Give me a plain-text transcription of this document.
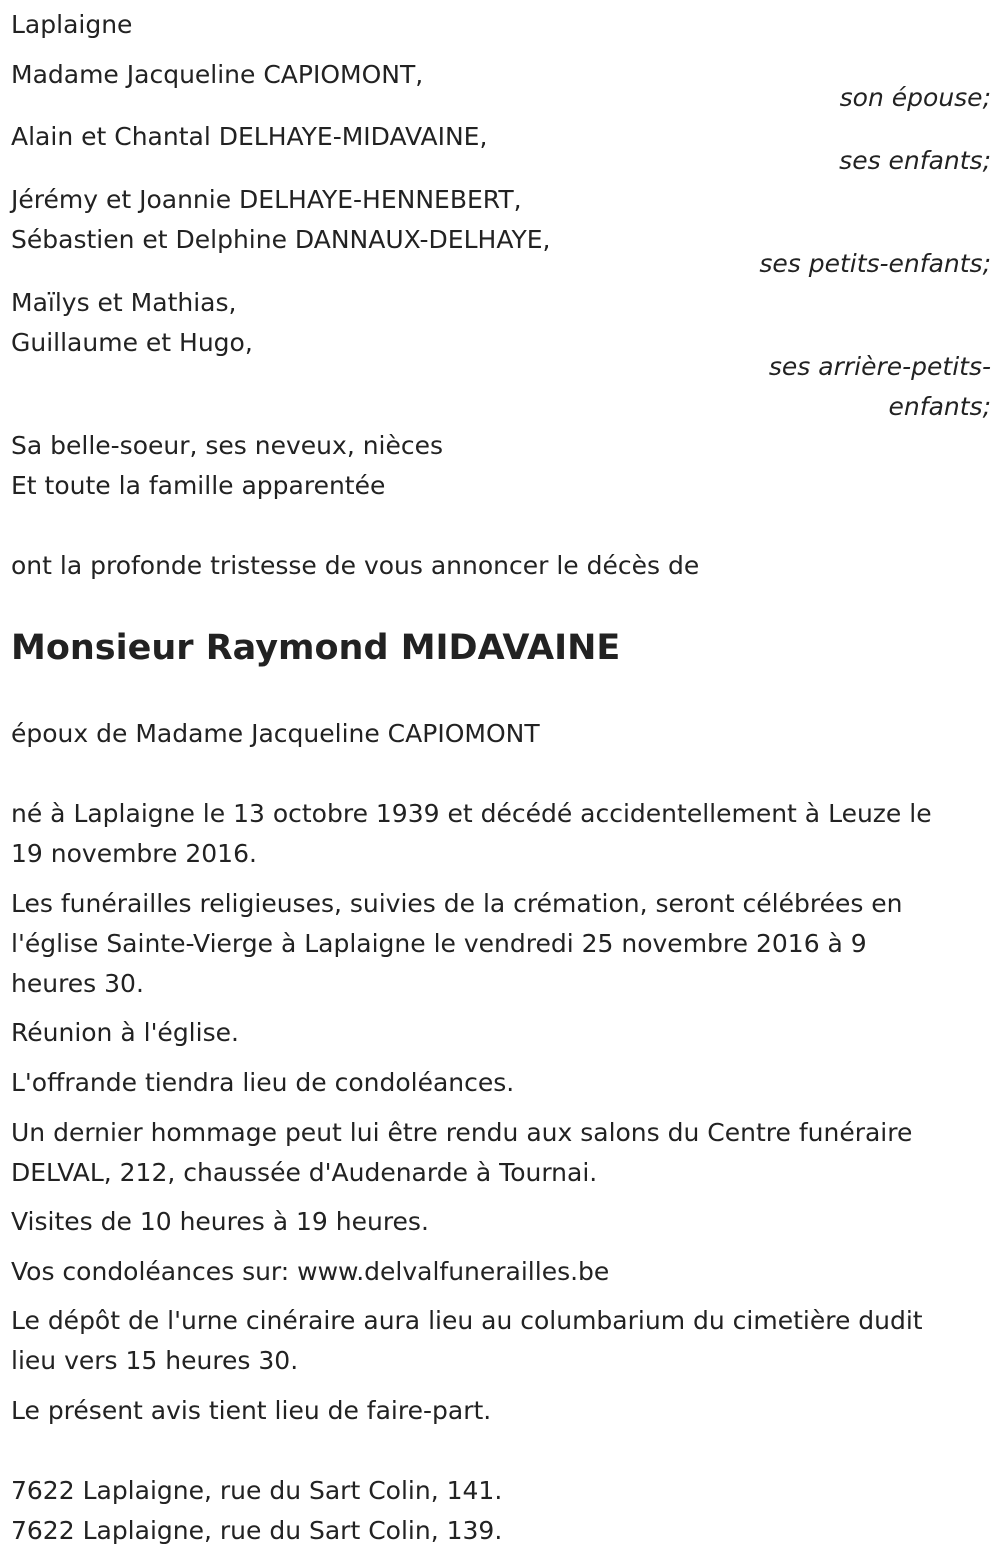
Laplaigne

Madame Jacqueline CAPIOMONT,

son épouse;

Alain et Chantal DELHAYE-MIDAVAINE,

ses enfants;

Jérémy et Joannie DELHAYE-HENNEBERT,

Sébastien et Delphine DANNAUX-DELHAYE,

ses petits-enfants;

Maïlys et Mathias,

Guillaume et Hugo,

ses arrière-petits-
enfants;

Sa belle-soeur, ses neveux, nièces

Et toute la famille apparentée

ont la profonde tristesse de vous annoncer le décès de

Monsieur Raymond MIDAVAINE

époux de Madame Jacqueline CAPIOMONT

né à Laplaigne le 13 octobre 1939 et décédé accidentellement à Leuze le

19 novembre 2016.

Les funérailles religieuses, suivies de la crémation, seront célébrées en

l'église Sainte-Vierge à Laplaigne le vendredi 25 novembre 2016 à 9

heures 30.

Réunion à l'église.

L'offrande tiendra lieu de condoléances.

Un dernier hommage peut lui être rendu aux salons du Centre funéraire

DELVAL, 212, chaussée d'Audenarde à Tournai.

Visites de 10 heures à 19 heures.

Vos condoléances sur: www.delvalfunerailles.be

Le dépôt de l'urne cinéraire aura lieu au columbarium du cimetière dudit

lieu vers 15 heures 30.

Le présent avis tient lieu de faire-part.

7622 Laplaigne, rue du Sart Colin, 141.

7622 Laplaigne, rue du Sart Colin, 139.
